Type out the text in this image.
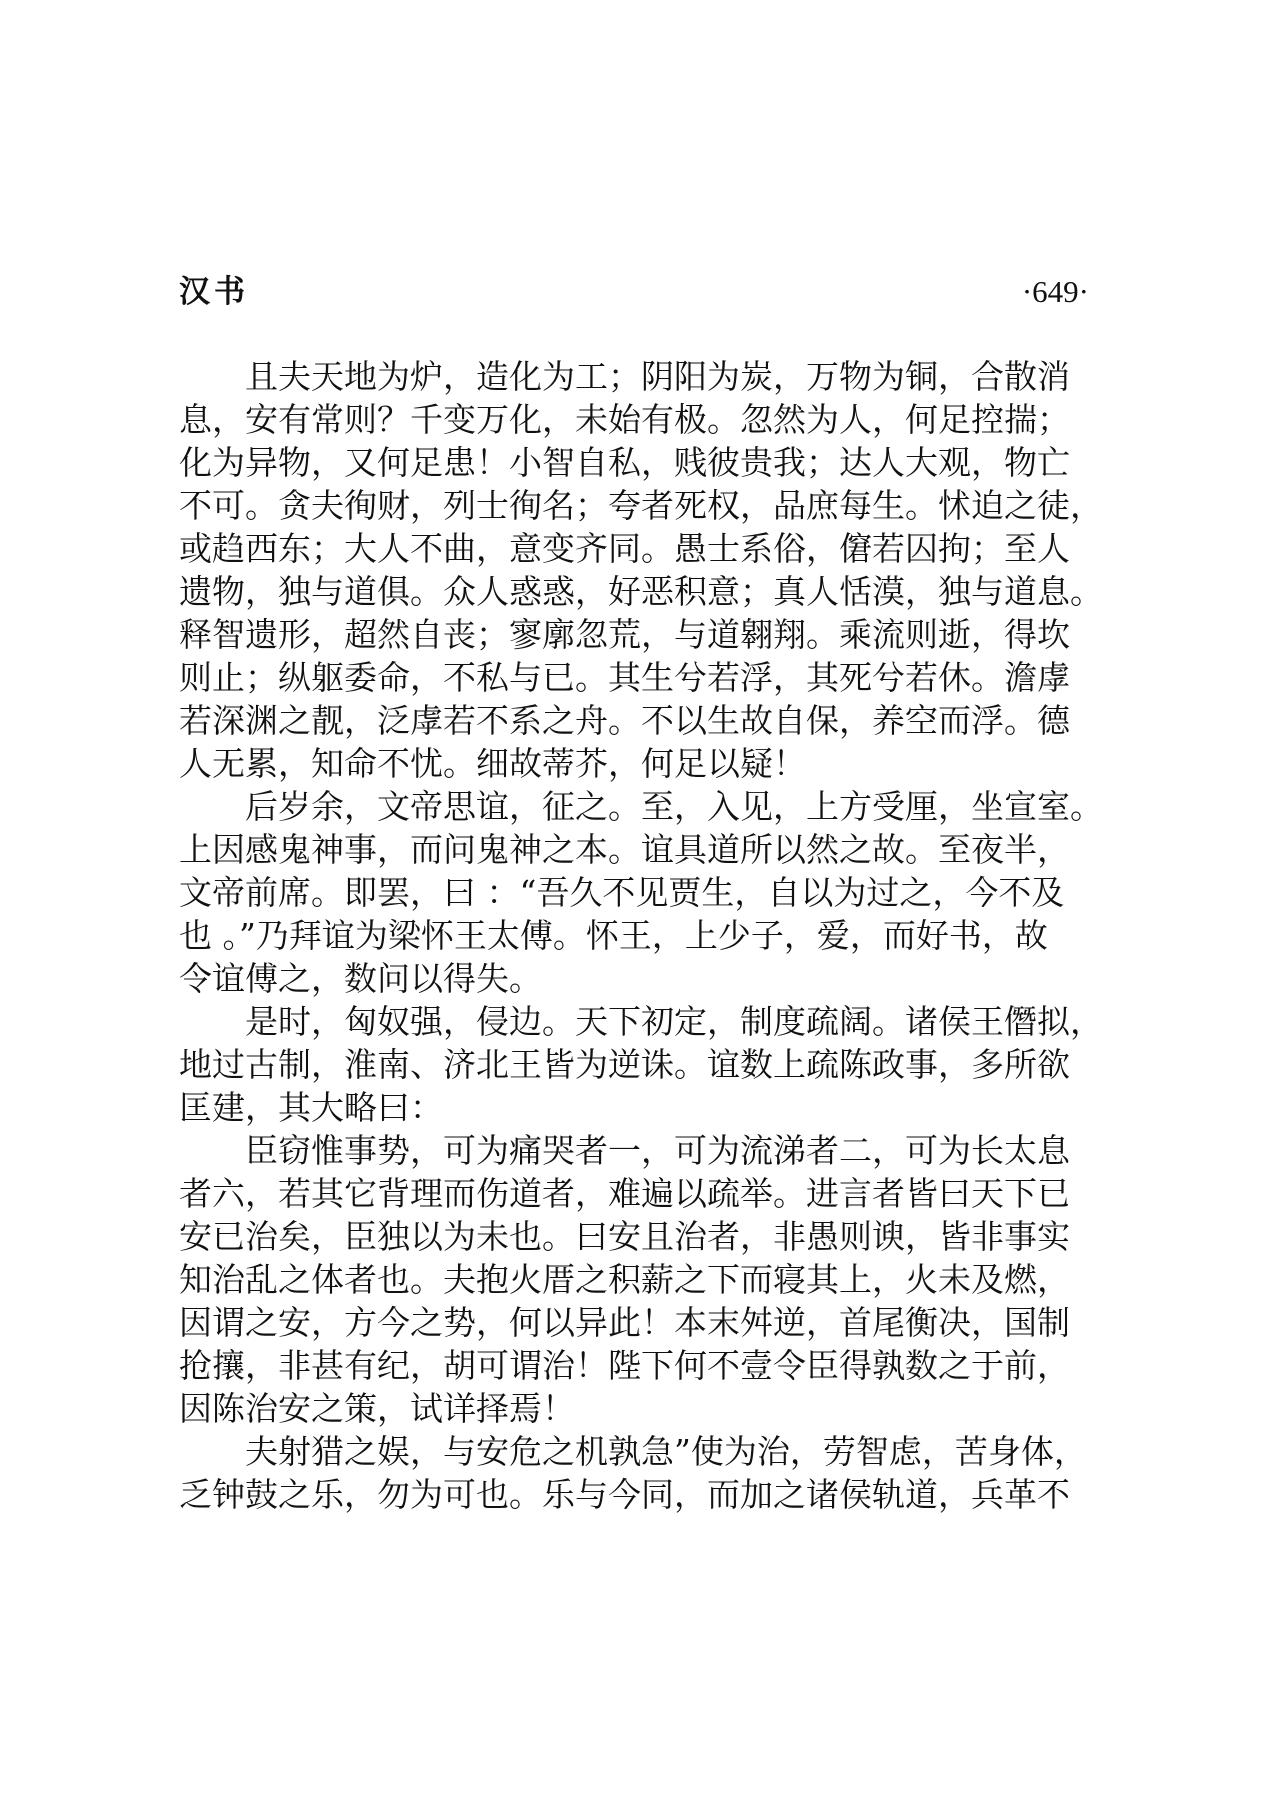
汉书	·649·
且夫天地为炉，造化为工；阴阳为炭，万物为铜，合散消
息，安有常则？千变万化，未始有极。忽然为人，何足控揣；
化为异物，又何足患！小智自私，贱彼贵我；达人大观，物亡
不可。贪夫徇财，列士徇名；夸者死权，品庶每生。怵迫之徒，
或趋西东；大人不曲，意变齐同。愚士系俗，僒若囚拘；至人
遗物，独与道俱。众人惑惑，好恶积意；真人恬漠，独与道息。
释智遗形，超然自丧；寥廓忽荒，与道翱翔。乘流则逝，得坎
则止；纵躯委命，不私与已。其生兮若浮，其死兮若休。澹虖
若深渊之靓，泛虖若不系之舟。不以生故自保，养空而浮。德
人无累，知命不忧。细故蒂芥，何足以疑！
后岁余，文帝思谊，征之。至，入见，上方受厘，坐宣室。
上因感鬼神事，而问鬼神之本。谊具道所以然之故。至夜半，
文帝前席。即罢，曰 ：“吾久不见贾生，自以为过之，今不及
也 。”乃拜谊为梁怀王太傅。怀王，上少子，爱，而好书，故
令谊傅之，数问以得失。
是时，匈奴强，侵边。天下初定，制度疏阔。诸侯王僭拟，
地过古制，淮南、济北王皆为逆诛。谊数上疏陈政事，多所欲
匡建，其大略曰：
臣窃惟事势，可为痛哭者一，可为流涕者二，可为长太息
者六，若其它背理而伤道者，难遍以疏举。进言者皆曰天下已
安已治矣，臣独以为未也。曰安且治者，非愚则谀，皆非事实
知治乱之体者也。夫抱火厝之积薪之下而寝其上，火未及燃，
因谓之安，方今之势，何以异此！本末舛逆，首尾衡决，国制
抢攘，非甚有纪，胡可谓治！陛下何不壹令臣得孰数之于前，
因陈治安之策，试详择焉！
夫射猎之娱，与安危之机孰急”使为治，劳智虑，苦身体，
乏钟鼓之乐，勿为可也。乐与今同，而加之诸侯轨道，兵革不
